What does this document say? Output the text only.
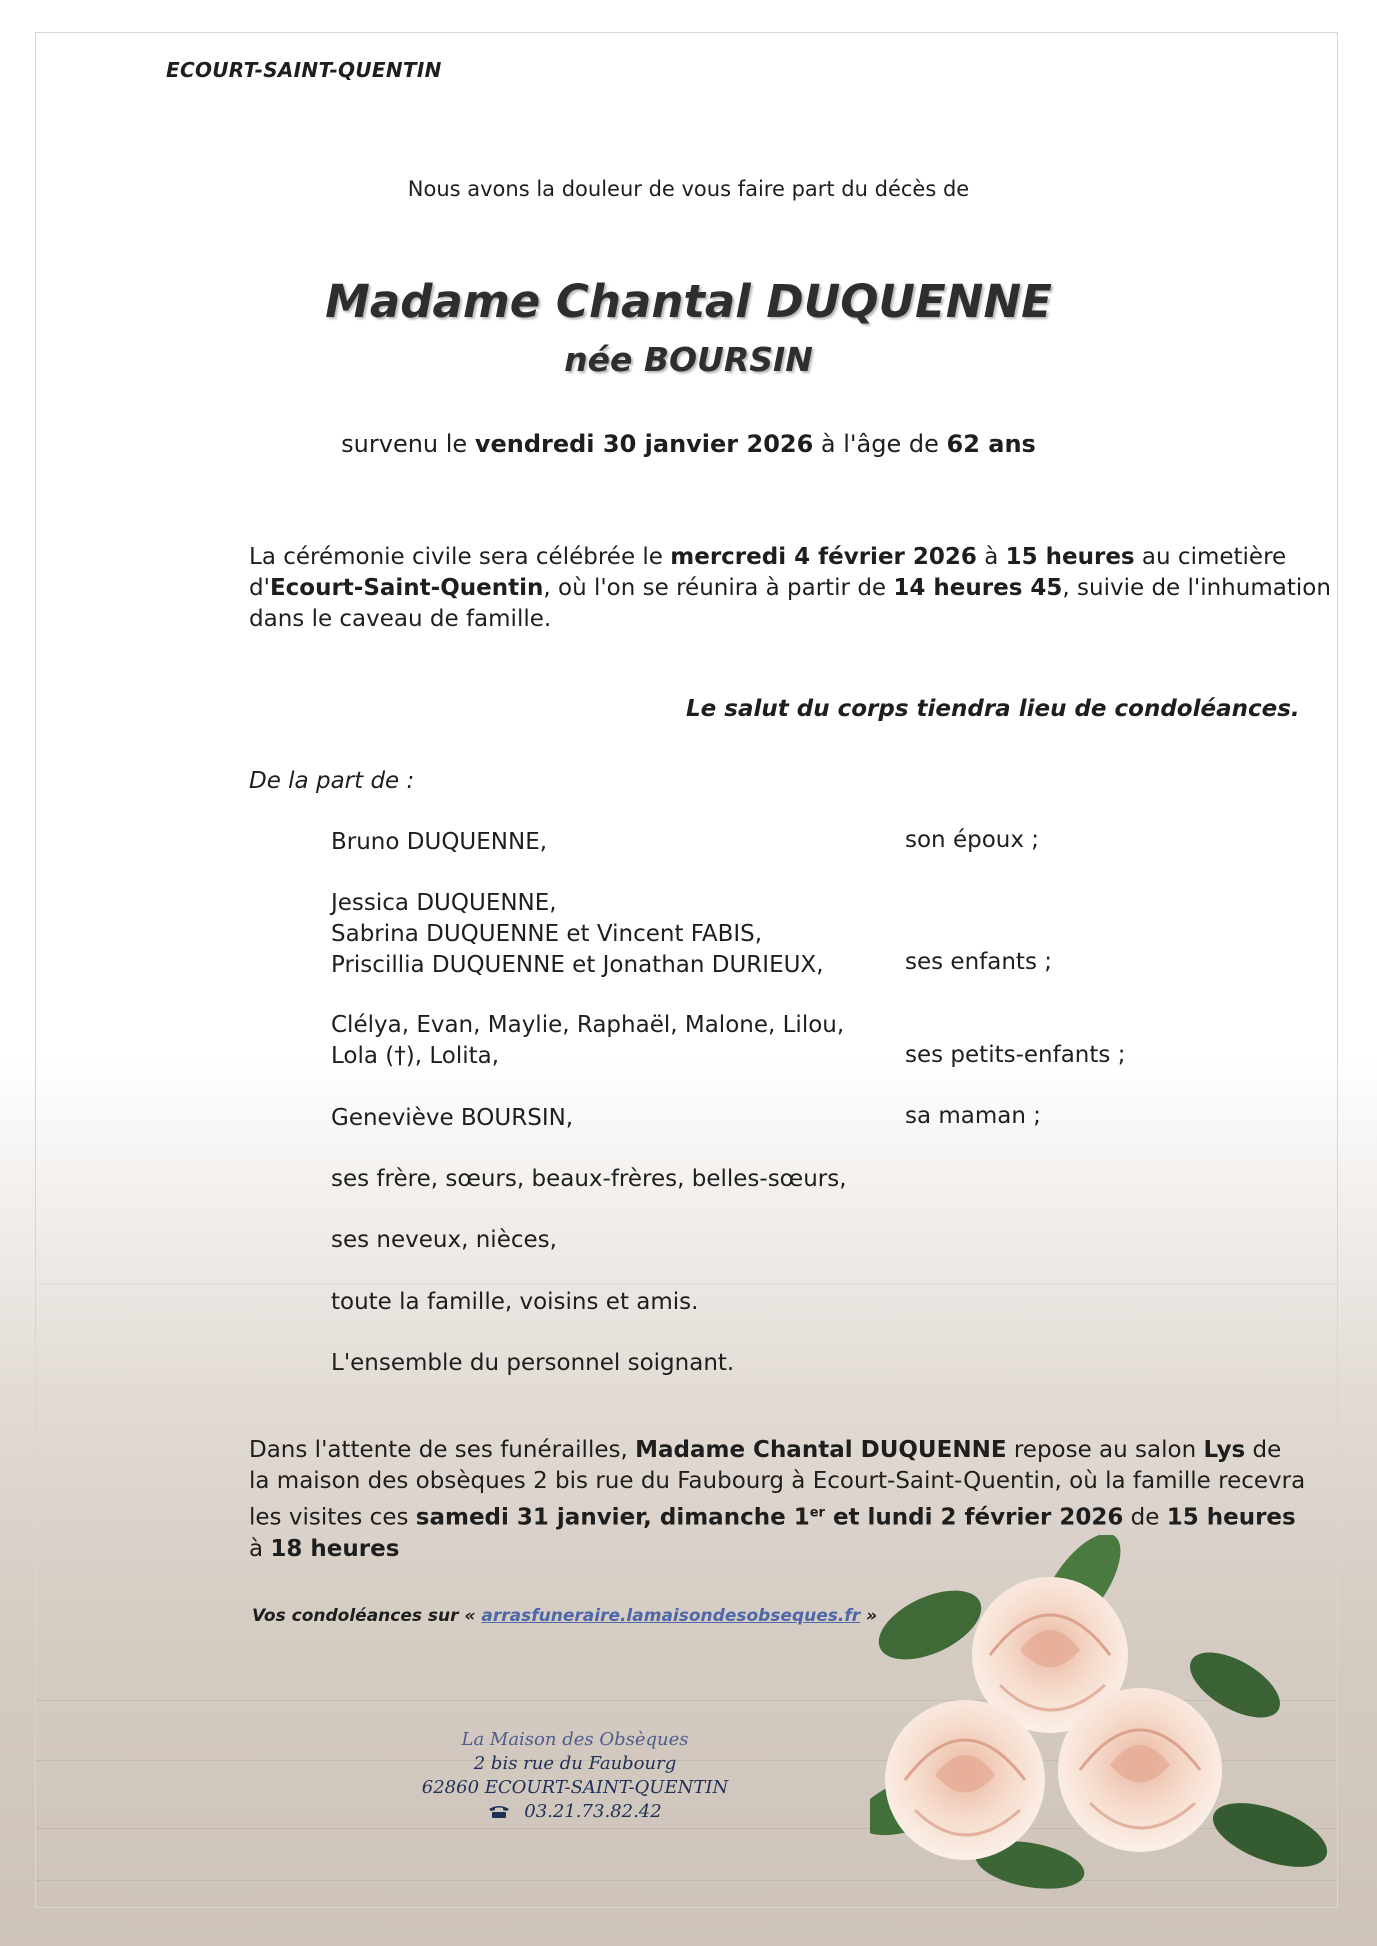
ECOURT-SAINT-QUENTIN
Nous avons la douleur de vous faire part du décès de
Madame Chantal DUQUENNE
née BOURSIN
survenu le vendredi 30 janvier 2026 à l'âge de 62 ans
La cérémonie civile sera célébrée le mercredi 4 février 2026 à 15 heures au cimetière
d'Ecourt-Saint-Quentin, où l'on se réunira à partir de 14 heures 45, suivie de l'inhumation
dans le caveau de famille.
Le salut du corps tiendra lieu de condoléances.
De la part de :
Bruno DUQUENNE,	son époux ;
Jessica DUQUENNE,
Sabrina DUQUENNE et Vincent FABIS,
Priscillia DUQUENNE et Jonathan DURIEUX,	ses enfants ;
Clélya, Evan, Maylie, Raphaël, Malone, Lilou,
Lola (†), Lolita,	ses petits-enfants ;
Geneviève BOURSIN,	sa maman ;
ses frère, sœurs, beaux-frères, belles-sœurs,
ses neveux, nièces,
toute la famille, voisins et amis.
L'ensemble du personnel soignant.
Dans l'attente de ses funérailles, Madame Chantal DUQUENNE repose au salon Lys de
la maison des obsèques 2 bis rue du Faubourg à Ecourt-Saint-Quentin, où la famille recevra
les visites ces samedi 31 janvier, dimanche 1er et lundi 2 février 2026 de 15 heures
à 18 heures
Vos condoléances sur « arrasfuneraire.lamaisondesobseques.fr »
La Maison des Obsèques
2 bis rue du Faubourg
62860 ECOURT-SAINT-QUENTIN
03.21.73.82.42
